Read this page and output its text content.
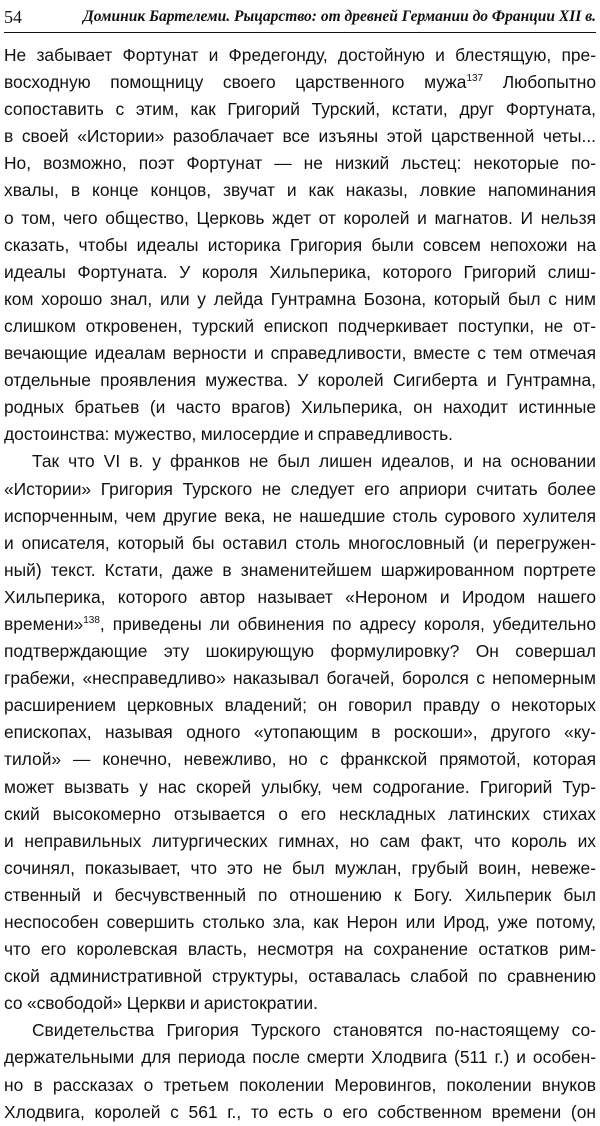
54	Доминик Бартелеми. Рыцарство: от древней Германии до Франции XII в.
Не забывает Фортунат и Фредегонду, достойную и блестящую, пре-
восходную помощницу своего царственного мужа$^{137}$ Любопытно
сопоставить с этим, как Григорий Турский, кстати, друг Фортуната,
в своей «Истории» разоблачает все изъяны этой царственной четы...
Но, возможно, поэт Фортунат — не низкий льстец: некоторые по-
хвалы, в конце концов, звучат и как наказы, ловкие напоминания
о том, чего общество, Церковь ждет от королей и магнатов. И нельзя
сказать, чтобы идеалы историка Григория были совсем непохожи на
идеалы Фортуната. У короля Хильперика, которого Григорий слиш-
ком хорошо знал, или у лейда Гунтрамна Бозона, который был с ним
слишком откровенен, турский епископ подчеркивает поступки, не от-
вечающие идеалам верности и справедливости, вместе с тем отмечая
отдельные проявления мужества. У королей Сигиберта и Гунтрамна,
родных братьев (и часто врагов) Хильперика, он находит истинные
достоинства: мужество, милосердие и справедливость.
Так что VI в. у франков не был лишен идеалов, и на основании
«Истории» Григория Турского не следует его априори считать более
испорченным, чем другие века, не нашедшие столь сурового хулителя
и описателя, который бы оставил столь многословный (и перегружен-
ный) текст. Кстати, даже в знаменитейшем шаржированном портрете
Хильперика, которого автор называет «Нероном и Иродом нашего
времени»$^{138}$, приведены ли обвинения по адресу короля, убедительно
подтверждающие эту шокирующую формулировку? Он совершал
грабежи, «несправедливо» наказывал богачей, боролся с непомерным
расширением церковных владений; он говорил правду о некоторых
епископах, называя одного «утопающим в роскоши», другого «ку-
тилой» — конечно, невежливо, но с франкской прямотой, которая
может вызвать у нас скорей улыбку, чем содрогание. Григорий Тур-
ский высокомерно отзывается о его нескладных латинских стихах
и неправильных литургических гимнах, но сам факт, что король их
сочинял, показывает, что это не был мужлан, грубый воин, невеже-
ственный и бесчувственный по отношению к Богу. Хильперик был
неспособен совершить столько зла, как Нерон или Ирод, уже потому,
что его королевская власть, несмотря на сохранение остатков рим-
ской административной структуры, оставалась слабой по сравнению
со «свободой» Церкви и аристократии.
Свидетельства Григория Турского становятся по-настоящему со-
держательными для периода после смерти Хлодвига (511 г.) и особен-
но в рассказах о третьем поколении Меровингов, поколении внуков
Хлодвига, королей с 561 г., то есть о его собственном времени (он
